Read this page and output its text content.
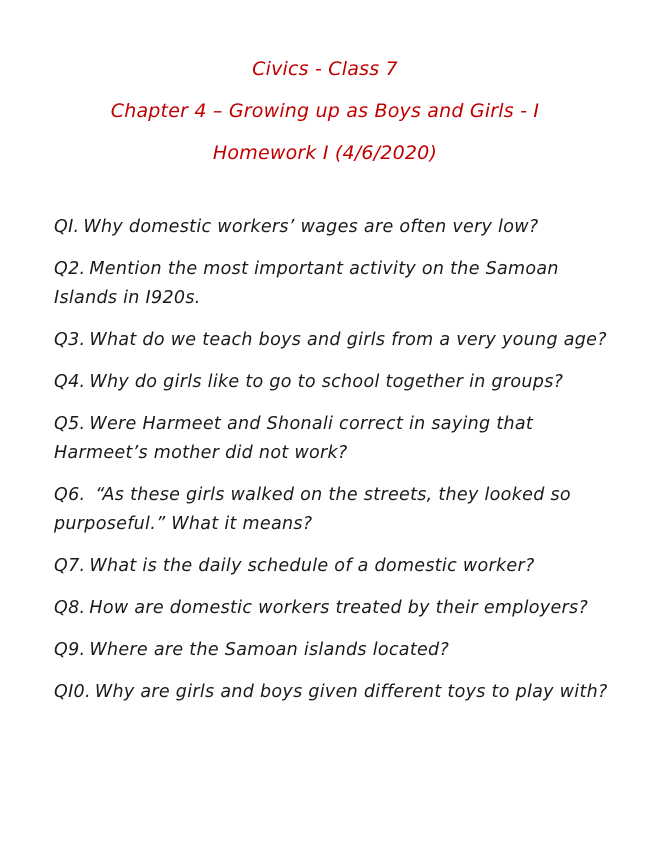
Civics - Class 7
Chapter 4 – Growing up as Boys and Girls - I
Homework I (4/6/2020)
QI. Why domestic workers’ wages are often very low?
Q2. Mention the most important activity on the Samoan Islands in I920s.
Q3. What do we teach boys and girls from a very young age?
Q4. Why do girls like to go to school together in groups?
Q5. Were Harmeet and Shonali correct in saying that Harmeet’s mother did not work?
Q6. “As these girls walked on the streets, they looked so purposeful.” What it means?
Q7. What is the daily schedule of a domestic worker?
Q8. How are domestic workers treated by their employers?
Q9. Where are the Samoan islands located?
QI0. Why are girls and boys given different toys to play with?
